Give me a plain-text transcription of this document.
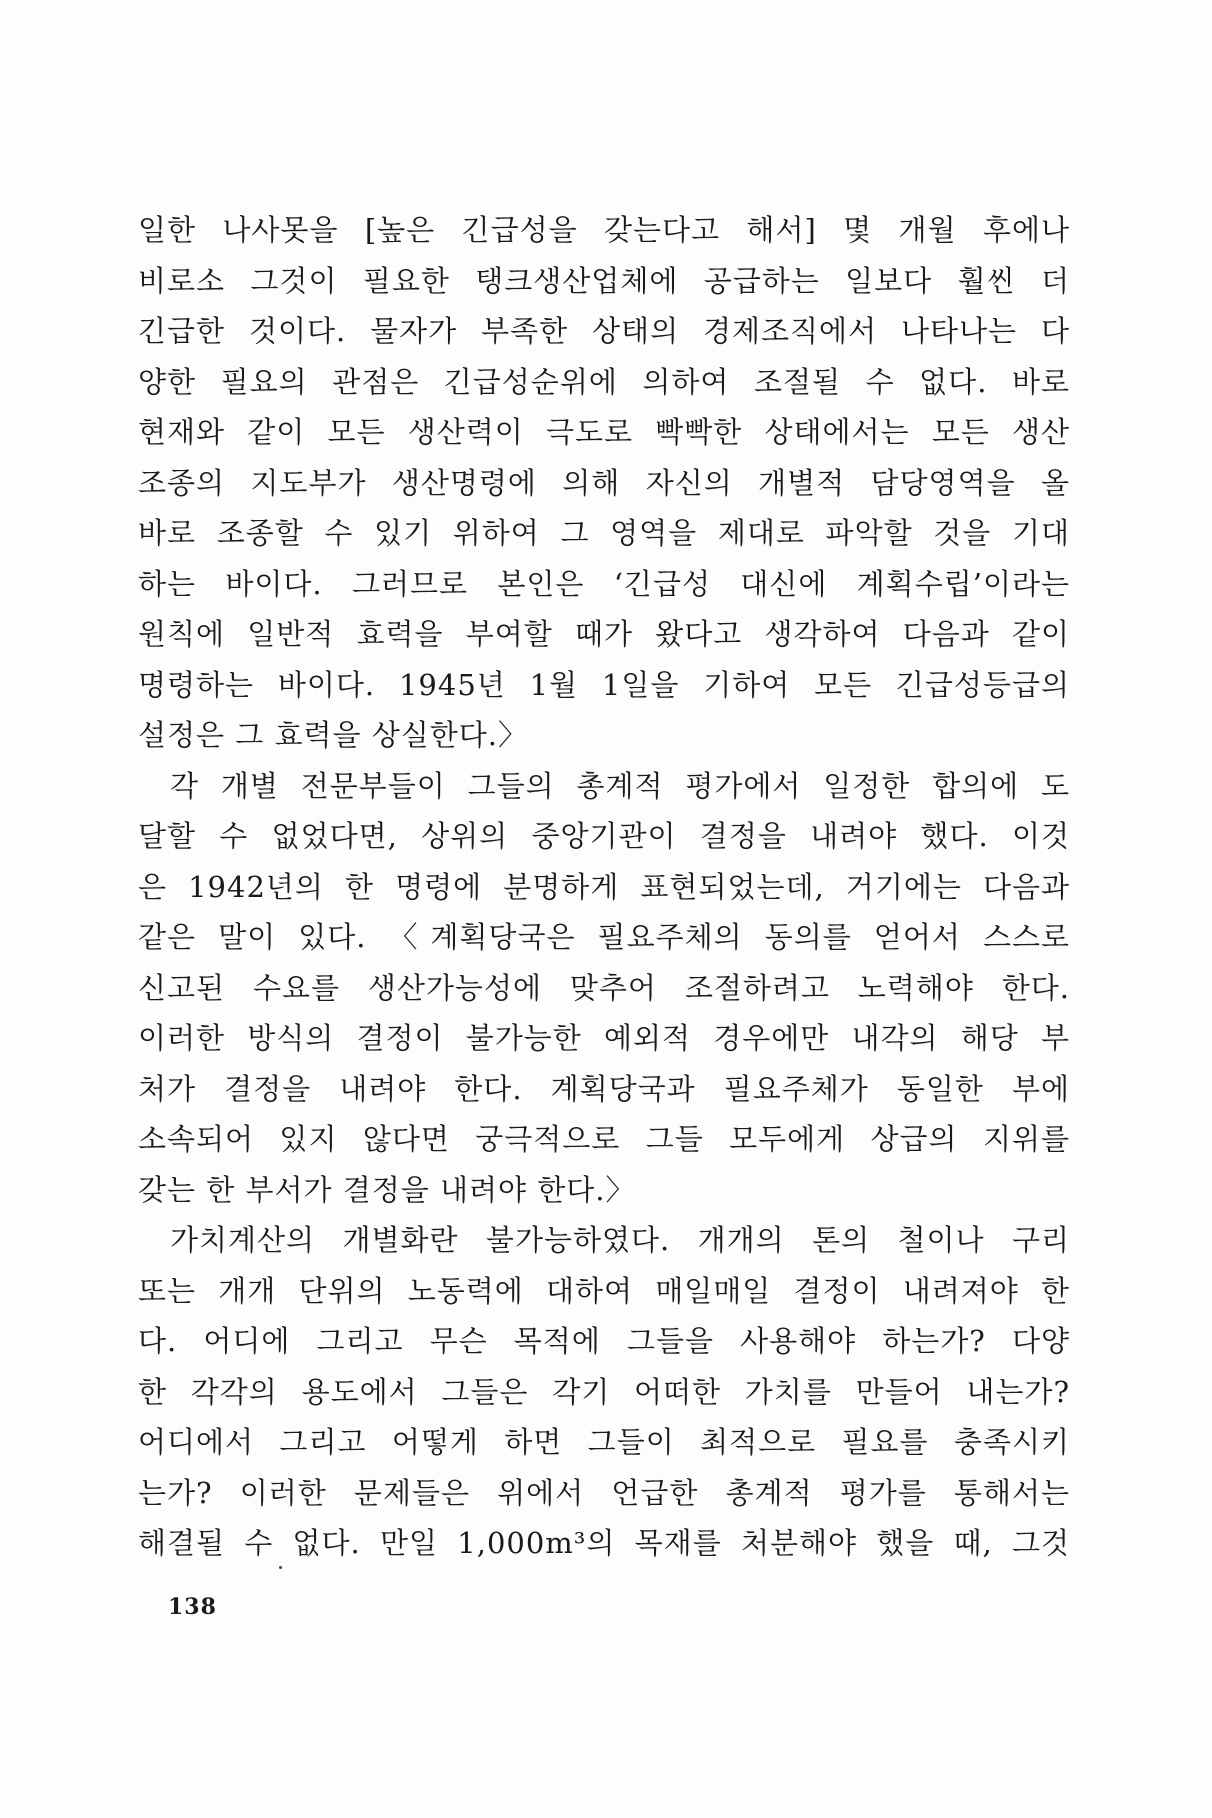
일한 나사못을 [높은 긴급성을 갖는다고 해서] 몇 개월 후에나
비로소 그것이 필요한 탱크생산업체에 공급하는 일보다 훨씬 더
긴급한 것이다. 물자가 부족한 상태의 경제조직에서 나타나는 다
양한 필요의 관점은 긴급성순위에 의하여 조절될 수 없다. 바로
현재와 같이 모든 생산력이 극도로 빡빡한 상태에서는 모든 생산
조종의 지도부가 생산명령에 의해 자신의 개별적 담당영역을 올
바로 조종할 수 있기 위하여 그 영역을 제대로 파악할 것을 기대
하는 바이다. 그러므로 본인은 ‘긴급성 대신에 계획수립’이라는
원칙에 일반적 효력을 부여할 때가 왔다고 생각하여 다음과 같이
명령하는 바이다. 1945년 1월 1일을 기하여 모든 긴급성등급의
설정은 그 효력을 상실한다.〉
각 개별 전문부들이 그들의 총계적 평가에서 일정한 합의에 도
달할 수 없었다면, 상위의 중앙기관이 결정을 내려야 했다. 이것
은 1942년의 한 명령에 분명하게 표현되었는데, 거기에는 다음과
같은 말이 있다. 〈계획당국은 필요주체의 동의를 얻어서 스스로
신고된 수요를 생산가능성에 맞추어 조절하려고 노력해야 한다.
이러한 방식의 결정이 불가능한 예외적 경우에만 내각의 해당 부
처가 결정을 내려야 한다. 계획당국과 필요주체가 동일한 부에
소속되어 있지 않다면 궁극적으로 그들 모두에게 상급의 지위를
갖는 한 부서가 결정을 내려야 한다.〉
가치계산의 개별화란 불가능하였다. 개개의 톤의 철이나 구리
또는 개개 단위의 노동력에 대하여 매일매일 결정이 내려져야 한
다. 어디에 그리고 무슨 목적에 그들을 사용해야 하는가? 다양
한 각각의 용도에서 그들은 각기 어떠한 가치를 만들어 내는가?
어디에서 그리고 어떻게 하면 그들이 최적으로 필요를 충족시키
는가? 이러한 문제들은 위에서 언급한 총계적 평가를 통해서는
해결될 수 없다. 만일 1,000m³의 목재를 처분해야 했을 때, 그것
138
